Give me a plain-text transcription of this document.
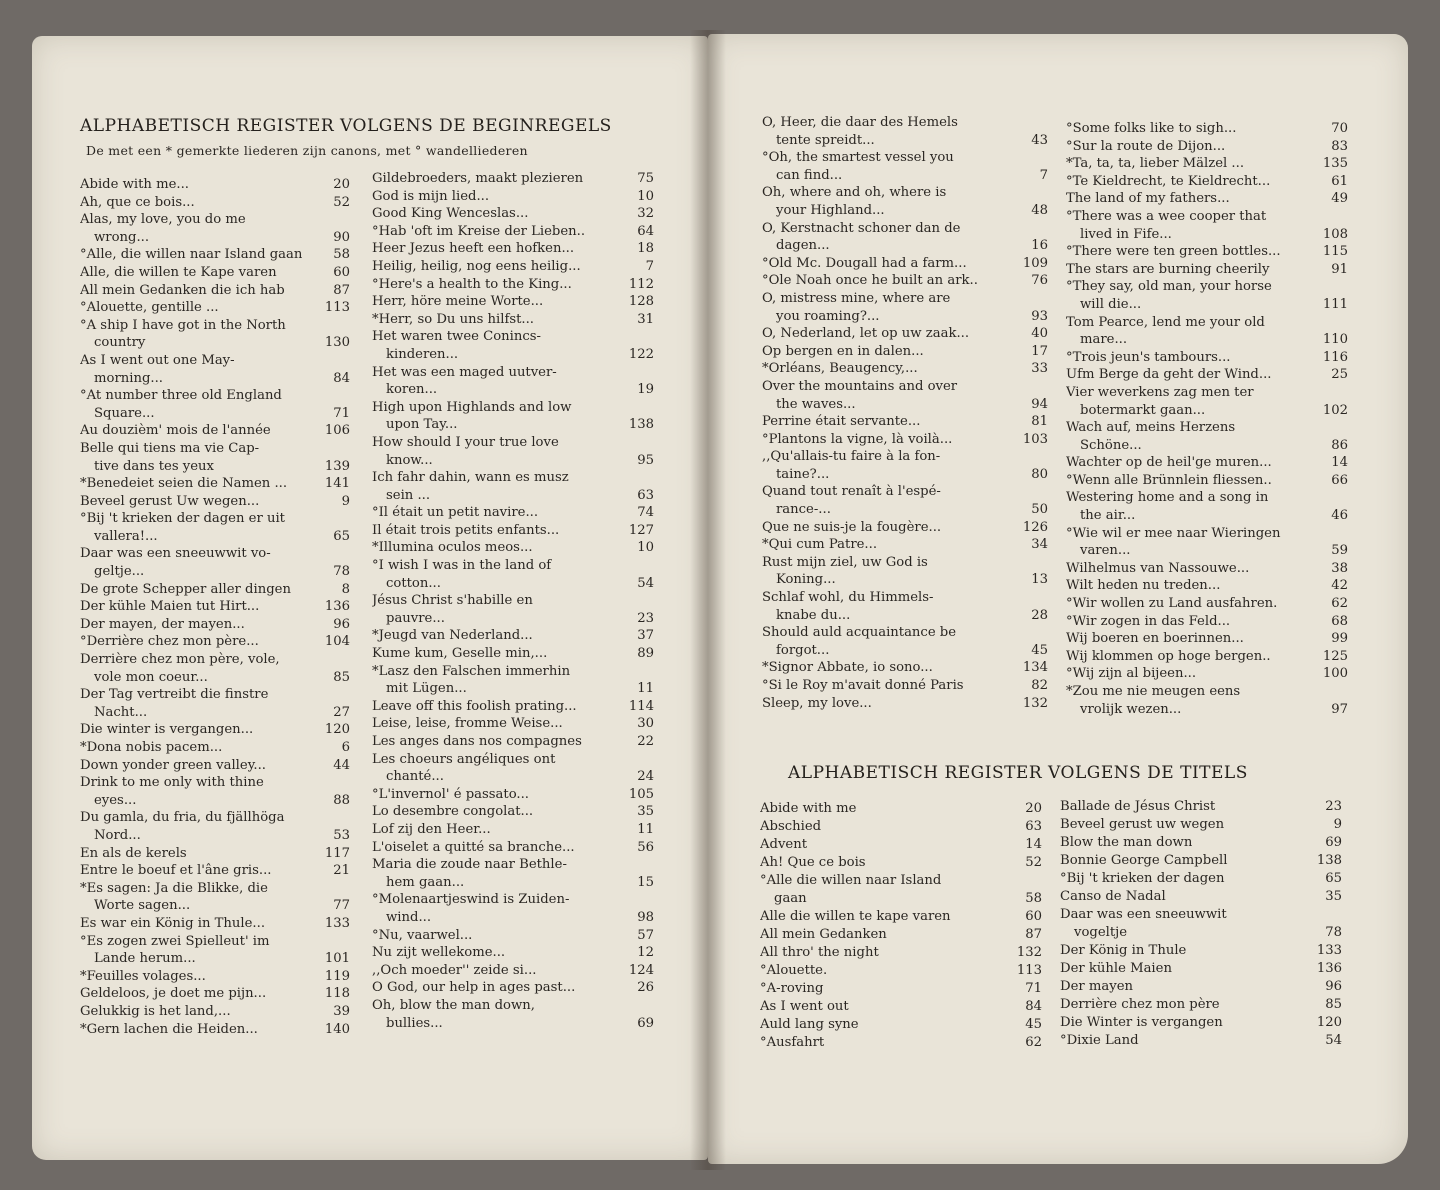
ALPHABETISCH REGISTER VOLGENS DE BEGINREGELS
De met een * gemerkte liederen zijn canons, met ° wandelliederen
Abide with me...	20
Ah, que ce bois...	52
Alas, my love, you do me
wrong...	90
°Alle, die willen naar Island gaan	58
Alle, die willen te Kape varen	60
All mein Gedanken die ich hab	87
°Alouette, gentille ...	113
°A ship I have got in the North
country	130
As I went out one May-
morning...	84
°At number three old England
Square...	71
Au douzièm' mois de l'année	106
Belle qui tiens ma vie Cap-
tive dans tes yeux	139
*Benedeiet seien die Namen ...	141
Beveel gerust Uw wegen...	9
°Bij 't krieken der dagen er uit
vallera!...	65
Daar was een sneeuwwit vo-
geltje...	78
De grote Schepper aller dingen	8
Der kühle Maien tut Hirt...	136
Der mayen, der mayen...	96
°Derrière chez mon père...	104
Derrière chez mon père, vole,
vole mon coeur...	85
Der Tag vertreibt die finstre
Nacht...	27
Die winter is vergangen...	120
*Dona nobis pacem...	6
Down yonder green valley...	44
Drink to me only with thine
eyes...	88
Du gamla, du fria, du fjällhöga
Nord...	53
En als de kerels	117
Entre le boeuf et l'âne gris...	21
*Es sagen: Ja die Blikke, die
Worte sagen...	77
Es war ein König in Thule...	133
°Es zogen zwei Spielleut' im
Lande herum...	101
*Feuilles volages...	119
Geldeloos, je doet me pijn...	118
Gelukkig is het land,...	39
*Gern lachen die Heiden...	140
Gildebroeders, maakt plezieren	75
God is mijn lied...	10
Good King Wenceslas...	32
°Hab 'oft im Kreise der Lieben..	64
Heer Jezus heeft een hofken...	18
Heilig, heilig, nog eens heilig...	7
°Here's a health to the King...	112
Herr, höre meine Worte...	128
*Herr, so Du uns hilfst...	31
Het waren twee Conincs-
kinderen...	122
Het was een maged uutver-
koren...	19
High upon Highlands and low
upon Tay...	138
How should I your true love
know...	95
Ich fahr dahin, wann es musz
sein ...	63
°Il était un petit navire...	74
Il était trois petits enfants...	127
*Illumina oculos meos...	10
°I wish I was in the land of
cotton...	54
Jésus Christ s'habille en
pauvre...	23
*Jeugd van Nederland...	37
Kume kum, Geselle min,...	89
*Lasz den Falschen immerhin
mit Lügen...	11
Leave off this foolish prating...	114
Leise, leise, fromme Weise...	30
Les anges dans nos compagnes	22
Les choeurs angéliques ont
chanté...	24
°L'invernol' é passato...	105
Lo desembre congolat...	35
Lof zij den Heer...	11
L'oiselet a quitté sa branche...	56
Maria die zoude naar Bethle-
hem gaan...	15
°Molenaartjeswind is Zuiden-
wind...	98
°Nu, vaarwel...	57
Nu zijt wellekome...	12
,,Och moeder'' zeide si...	124
O God, our help in ages past...	26
Oh, blow the man down,
bullies...	69
O, Heer, die daar des Hemels
tente spreidt...	43
°Oh, the smartest vessel you
can find...	7
Oh, where and oh, where is
your Highland...	48
O, Kerstnacht schoner dan de
dagen...	16
°Old Mc. Dougall had a farm...	109
°Ole Noah once he built an ark..	76
O, mistress mine, where are
you roaming?...	93
O, Nederland, let op uw zaak...	40
Op bergen en in dalen...	17
*Orléans, Beaugency,...	33
Over the mountains and over
the waves...	94
Perrine était servante...	81
°Plantons la vigne, là voilà...	103
,,Qu'allais-tu faire à la fon-
taine?...	80
Quand tout renaît à l'espé-
rance-...	50
Que ne suis-je la fougère...	126
*Qui cum Patre...	34
Rust mijn ziel, uw God is
Koning...	13
Schlaf wohl, du Himmels-
knabe du...	28
Should auld acquaintance be
forgot...	45
*Signor Abbate, io sono...	134
°Si le Roy m'avait donné Paris	82
Sleep, my love...	132
°Some folks like to sigh...	70
°Sur la route de Dijon...	83
*Ta, ta, ta, lieber Mälzel ...	135
°Te Kieldrecht, te Kieldrecht...	61
The land of my fathers...	49
°There was a wee cooper that
lived in Fife...	108
°There were ten green bottles...	115
The stars are burning cheerily	91
°They say, old man, your horse
will die...	111
Tom Pearce, lend me your old
mare...	110
°Trois jeun's tambours...	116
Ufm Berge da geht der Wind...	25
Vier weverkens zag men ter
botermarkt gaan...	102
Wach auf, meins Herzens
Schöne...	86
Wachter op de heil'ge muren...	14
°Wenn alle Brünnlein fliessen..	66
Westering home and a song in
the air...	46
°Wie wil er mee naar Wieringen
varen...	59
Wilhelmus van Nassouwe...	38
Wilt heden nu treden...	42
°Wir wollen zu Land ausfahren.	62
°Wir zogen in das Feld...	68
Wij boeren en boerinnen...	99
Wij klommen op hoge bergen..	125
°Wij zijn al bijeen...	100
*Zou me nie meugen eens
vrolijk wezen...	97
ALPHABETISCH REGISTER VOLGENS DE TITELS
Abide with me	20
Abschied	63
Advent	14
Ah! Que ce bois	52
°Alle die willen naar Island
gaan	58
Alle die willen te kape varen	60
All mein Gedanken	87
All thro' the night	132
°Alouette.	113
°A-roving	71
As I went out	84
Auld lang syne	45
°Ausfahrt	62
Ballade de Jésus Christ	23
Beveel gerust uw wegen	9
Blow the man down	69
Bonnie George Campbell	138
°Bij 't krieken der dagen	65
Canso de Nadal	35
Daar was een sneeuwwit
vogeltje	78
Der König in Thule	133
Der kühle Maien	136
Der mayen	96
Derrière chez mon père	85
Die Winter is vergangen	120
°Dixie Land	54
